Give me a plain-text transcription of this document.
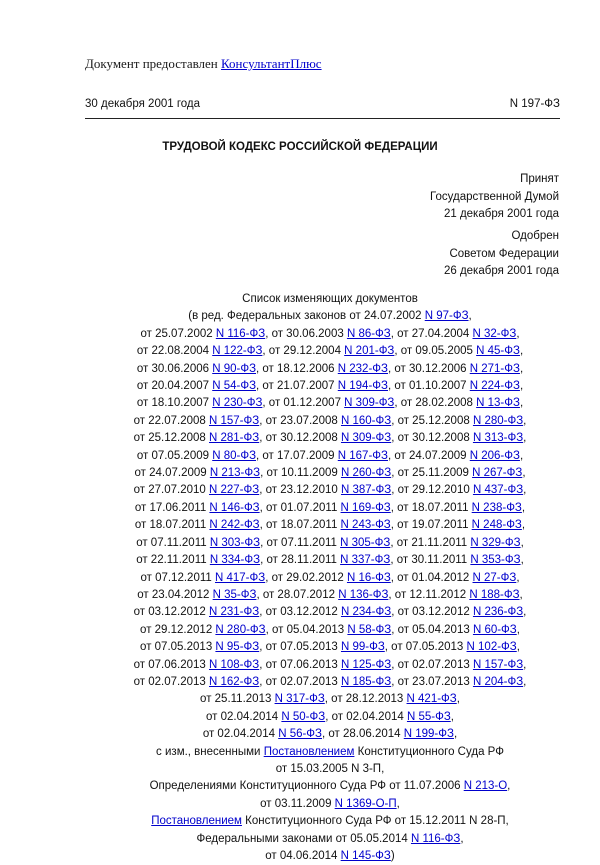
Документ предоставлен КонсультантПлюс
30 декабря 2001 года	N 197-ФЗ
ТРУДОВОЙ КОДЕКС РОССИЙСКОЙ ФЕДЕРАЦИИ
Принят
Государственной Думой
21 декабря 2001 года
Одобрен
Советом Федерации
26 декабря 2001 года
Список изменяющих документов
(в ред. Федеральных законов от 24.07.2002 N 97-ФЗ,
от 25.07.2002 N 116-ФЗ, от 30.06.2003 N 86-ФЗ, от 27.04.2004 N 32-ФЗ,
от 22.08.2004 N 122-ФЗ, от 29.12.2004 N 201-ФЗ, от 09.05.2005 N 45-ФЗ,
от 30.06.2006 N 90-ФЗ, от 18.12.2006 N 232-ФЗ, от 30.12.2006 N 271-ФЗ,
от 20.04.2007 N 54-ФЗ, от 21.07.2007 N 194-ФЗ, от 01.10.2007 N 224-ФЗ,
от 18.10.2007 N 230-ФЗ, от 01.12.2007 N 309-ФЗ, от 28.02.2008 N 13-ФЗ,
от 22.07.2008 N 157-ФЗ, от 23.07.2008 N 160-ФЗ, от 25.12.2008 N 280-ФЗ,
от 25.12.2008 N 281-ФЗ, от 30.12.2008 N 309-ФЗ, от 30.12.2008 N 313-ФЗ,
от 07.05.2009 N 80-ФЗ, от 17.07.2009 N 167-ФЗ, от 24.07.2009 N 206-ФЗ,
от 24.07.2009 N 213-ФЗ, от 10.11.2009 N 260-ФЗ, от 25.11.2009 N 267-ФЗ,
от 27.07.2010 N 227-ФЗ, от 23.12.2010 N 387-ФЗ, от 29.12.2010 N 437-ФЗ,
от 17.06.2011 N 146-ФЗ, от 01.07.2011 N 169-ФЗ, от 18.07.2011 N 238-ФЗ,
от 18.07.2011 N 242-ФЗ, от 18.07.2011 N 243-ФЗ, от 19.07.2011 N 248-ФЗ,
от 07.11.2011 N 303-ФЗ, от 07.11.2011 N 305-ФЗ, от 21.11.2011 N 329-ФЗ,
от 22.11.2011 N 334-ФЗ, от 28.11.2011 N 337-ФЗ, от 30.11.2011 N 353-ФЗ,
от 07.12.2011 N 417-ФЗ, от 29.02.2012 N 16-ФЗ, от 01.04.2012 N 27-ФЗ,
от 23.04.2012 N 35-ФЗ, от 28.07.2012 N 136-ФЗ, от 12.11.2012 N 188-ФЗ,
от 03.12.2012 N 231-ФЗ, от 03.12.2012 N 234-ФЗ, от 03.12.2012 N 236-ФЗ,
от 29.12.2012 N 280-ФЗ, от 05.04.2013 N 58-ФЗ, от 05.04.2013 N 60-ФЗ,
от 07.05.2013 N 95-ФЗ, от 07.05.2013 N 99-ФЗ, от 07.05.2013 N 102-ФЗ,
от 07.06.2013 N 108-ФЗ, от 07.06.2013 N 125-ФЗ, от 02.07.2013 N 157-ФЗ,
от 02.07.2013 N 162-ФЗ, от 02.07.2013 N 185-ФЗ, от 23.07.2013 N 204-ФЗ,
от 25.11.2013 N 317-ФЗ, от 28.12.2013 N 421-ФЗ,
от 02.04.2014 N 50-ФЗ, от 02.04.2014 N 55-ФЗ,
от 02.04.2014 N 56-ФЗ, от 28.06.2014 N 199-ФЗ,
с изм., внесенными Постановлением Конституционного Суда РФ
от 15.03.2005 N 3-П,
Определениями Конституционного Суда РФ от 11.07.2006 N 213-О,
от 03.11.2009 N 1369-О-П,
Постановлением Конституционного Суда РФ от 15.12.2011 N 28-П,
Федеральными законами от 05.05.2014 N 116-ФЗ,
от 04.06.2014 N 145-ФЗ)
